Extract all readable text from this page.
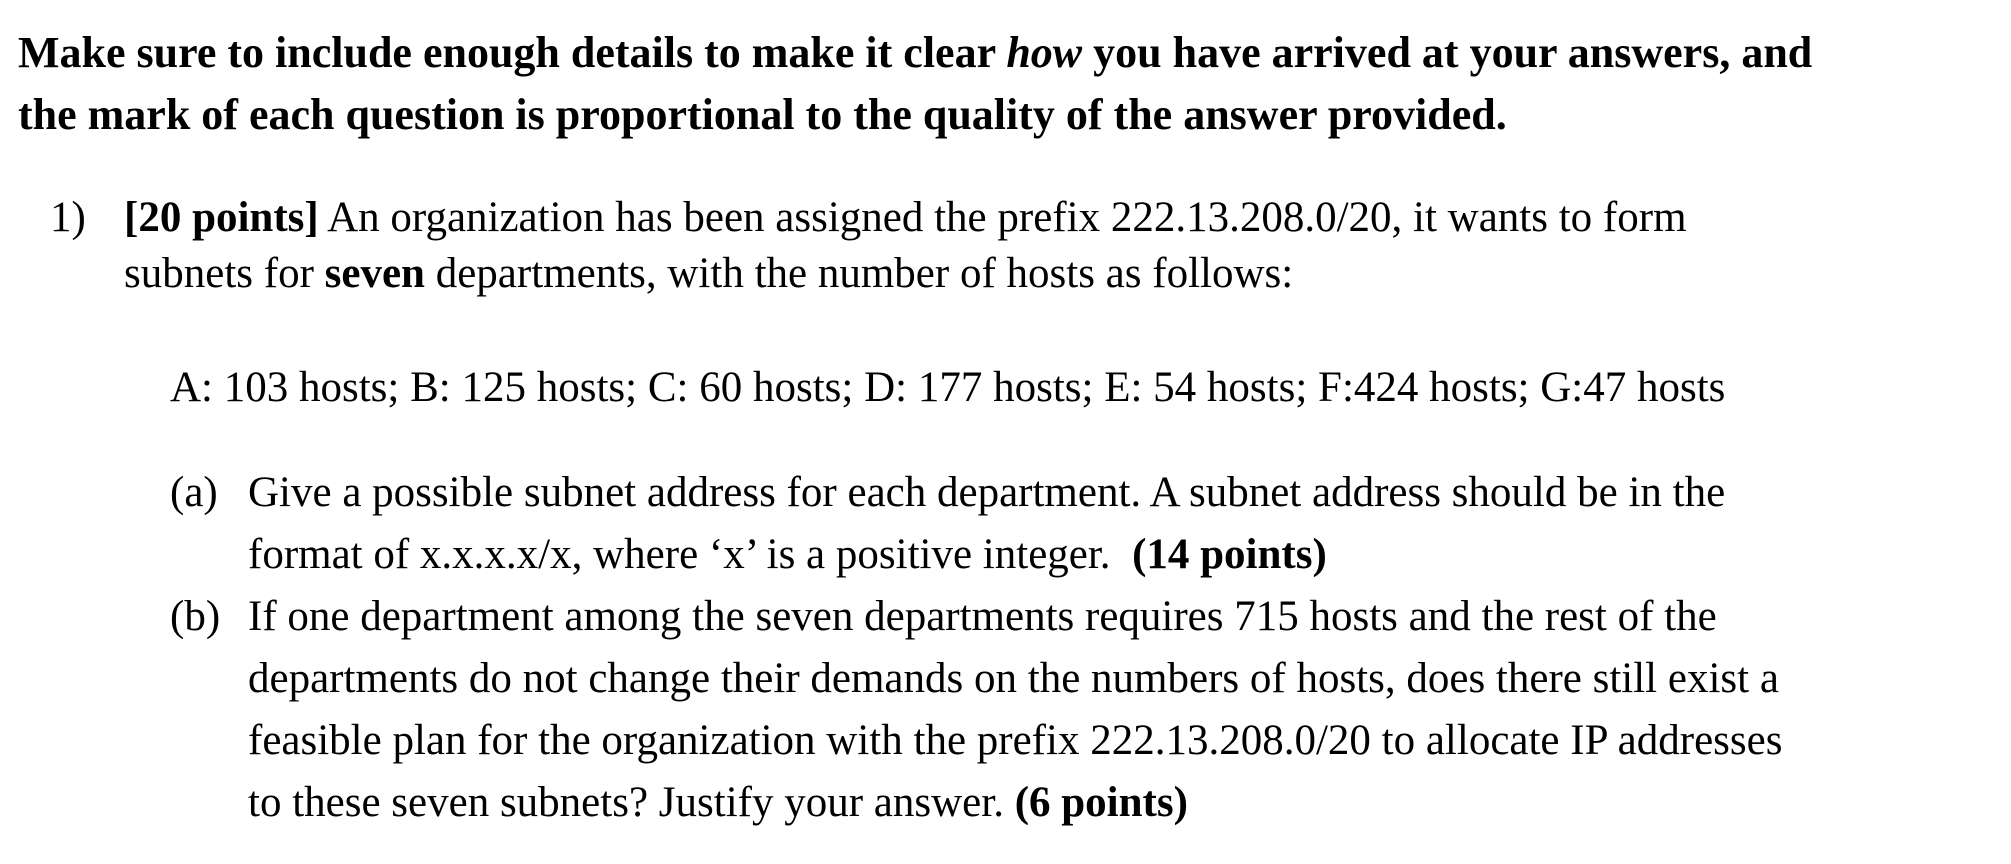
Make sure to include enough details to make it clear how you have arrived at your answers, and
the mark of each question is proportional to the quality of the answer provided.
1) [20 points] An organization has been assigned the prefix 222.13.208.0/20, it wants to form
subnets for seven departments, with the number of hosts as follows:
A: 103 hosts; B: 125 hosts; C: 60 hosts; D: 177 hosts; E: 54 hosts; F:424 hosts; G:47 hosts
(a) Give a possible subnet address for each department. A subnet address should be in the
format of x.x.x.x/x, where ‘x’ is a positive integer.  (14 points)
(b) If one department among the seven departments requires 715 hosts and the rest of the
departments do not change their demands on the numbers of hosts, does there still exist a
feasible plan for the organization with the prefix 222.13.208.0/20 to allocate IP addresses
to these seven subnets? Justify your answer. (6 points)
